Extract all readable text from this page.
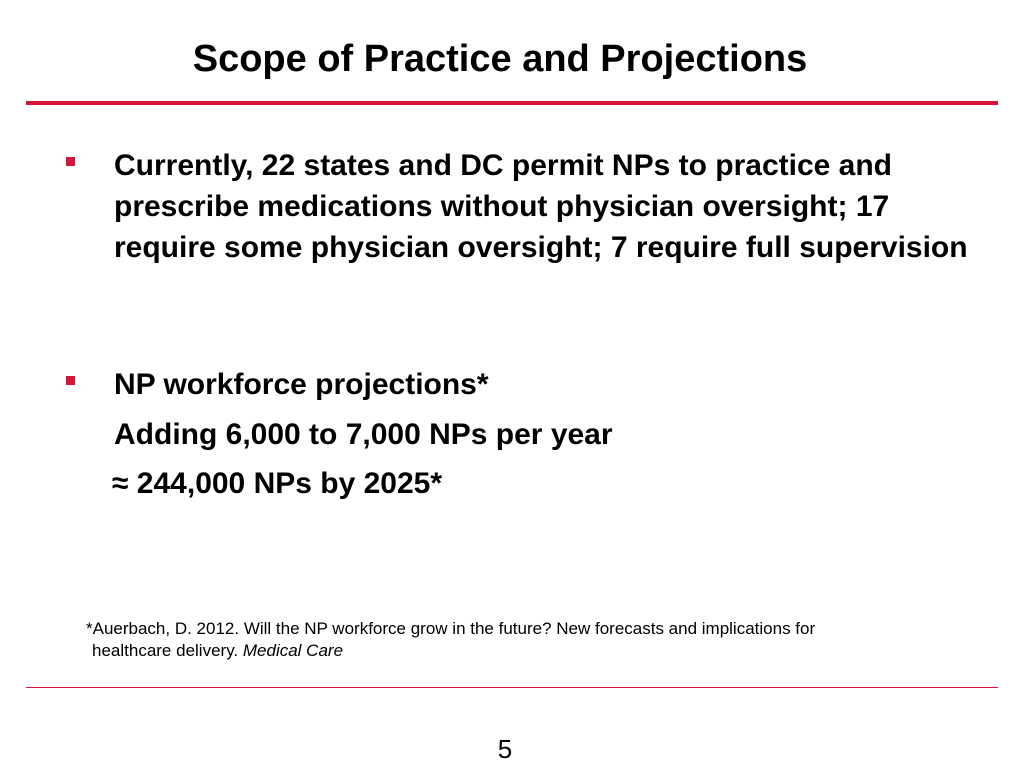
Scope of Practice and Projections
Currently, 22 states and DC permit NPs to practice and prescribe medications without physician oversight; 17 require some physician oversight; 7 require full supervision
NP workforce projections*
Adding 6,000 to 7,000 NPs per year
≈ 244,000 NPs by 2025*
*Auerbach, D. 2012. Will the NP workforce grow in the future? New forecasts and implications for
healthcare delivery. Medical Care
5
